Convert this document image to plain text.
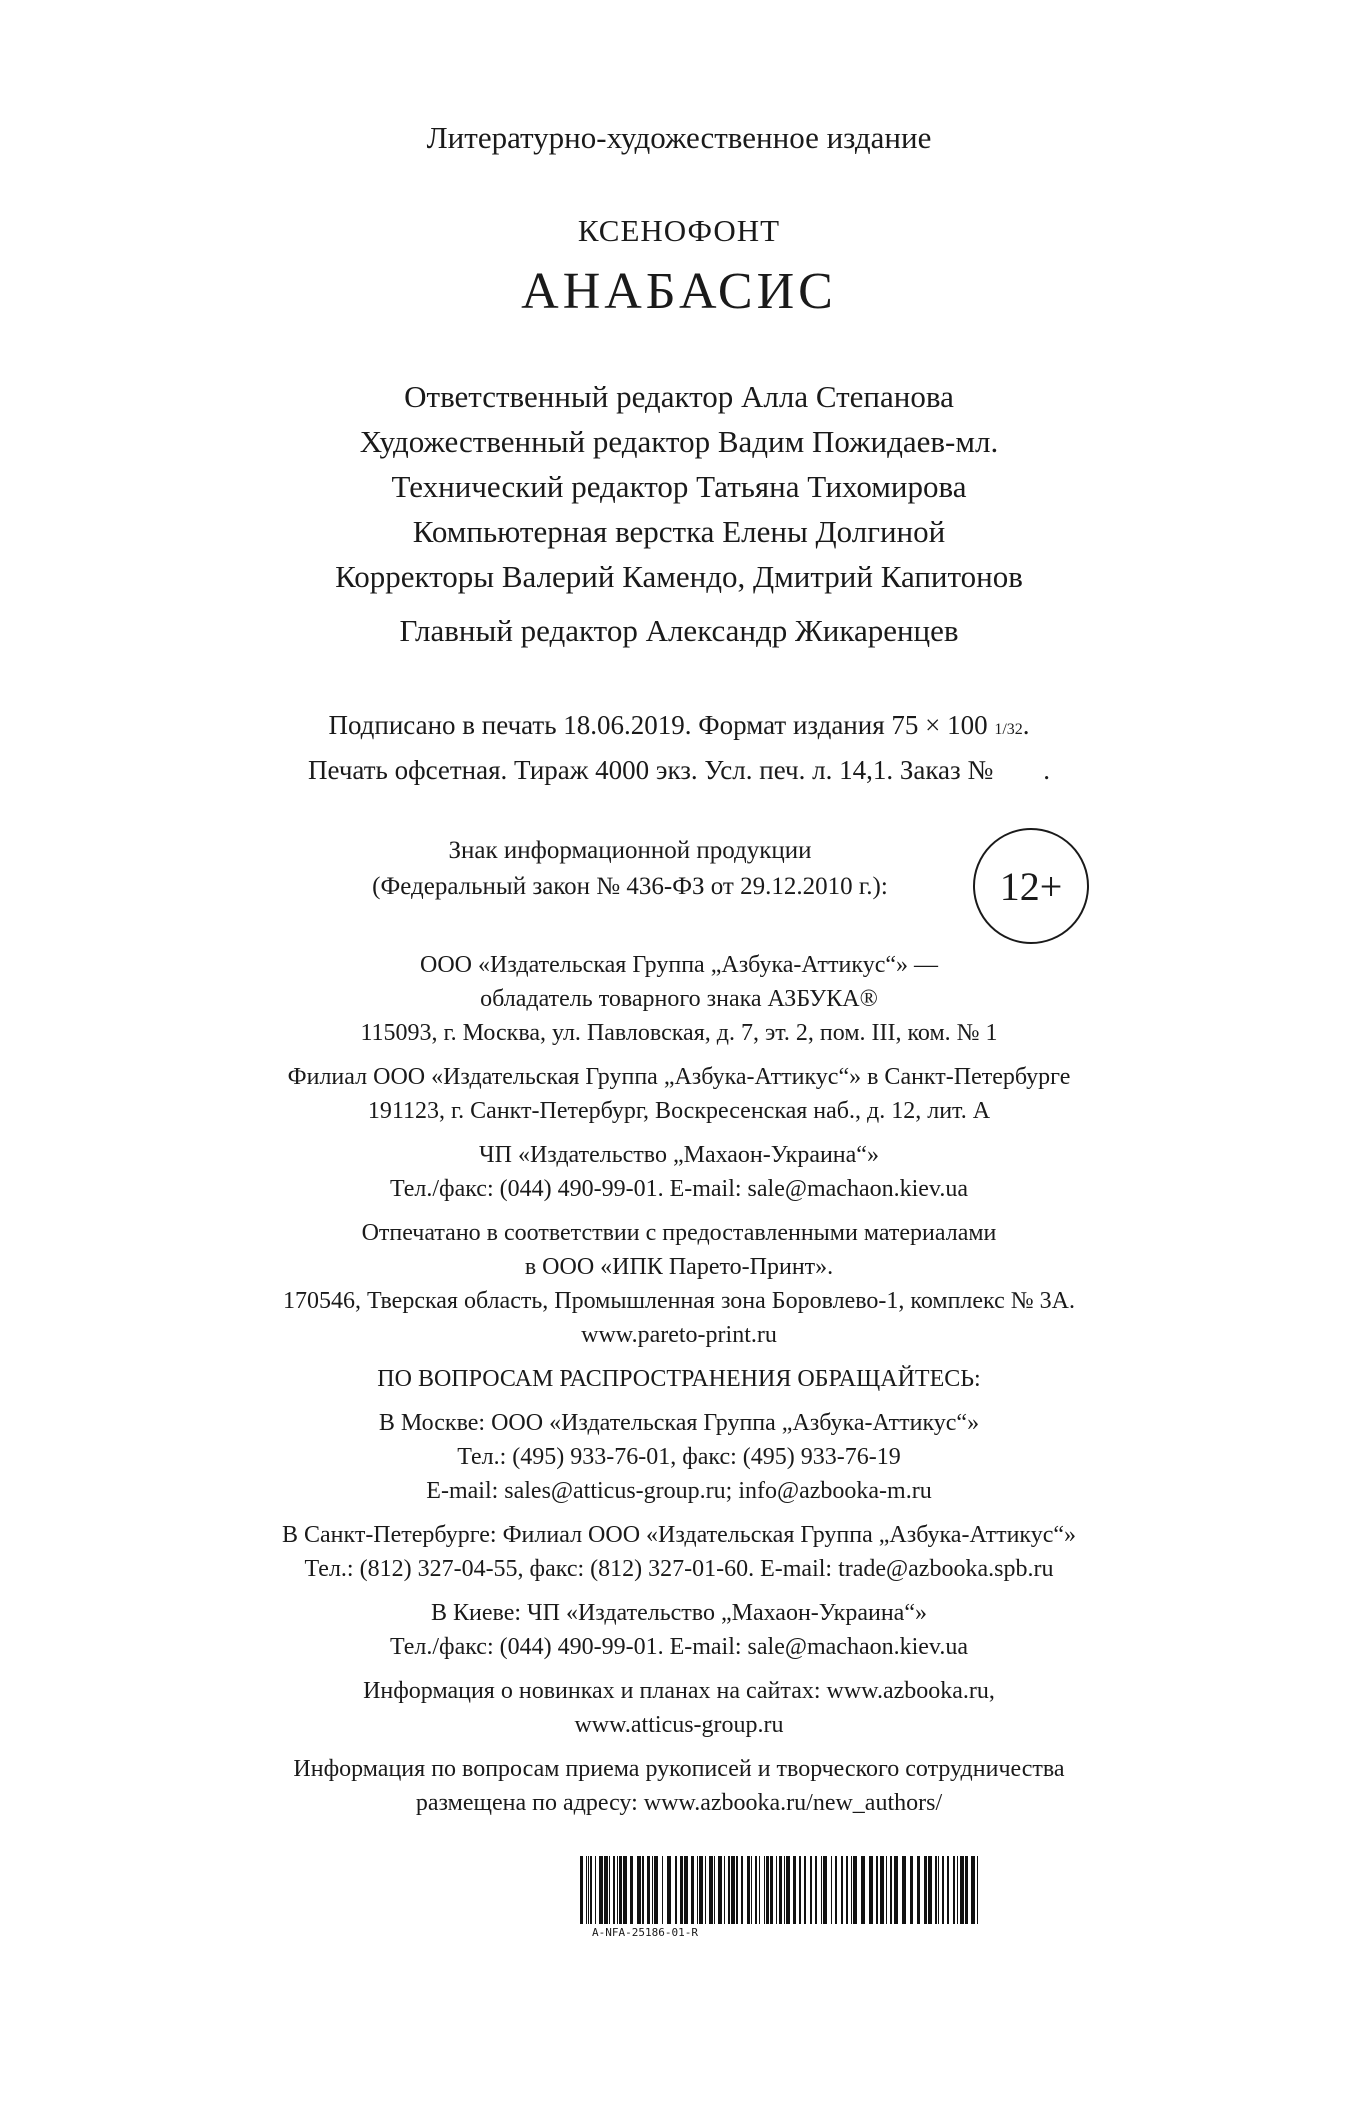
Литературно-художественное издание
КСЕНОФОНТ
АНАБАСИС
Ответственный редактор Алла Степанова
Художественный редактор Вадим Пожидаев-мл.
Технический редактор Татьяна Тихомирова
Компьютерная верстка Елены Долгиной
Корректоры Валерий Камендо, Дмитрий Капитонов
Главный редактор Александр Жикаренцев
Подписано в печать 18.06.2019. Формат издания 75 × 100 1/32.
Печать офсетная. Тираж 4000 экз. Усл. печ. л. 14,1. Заказ № .
Знак информационной продукции
(Федеральный закон № 436-ФЗ от 29.12.2010 г.):	12+
ООО «Издательская Группа „Азбука-Аттикус“» —
обладатель товарного знака АЗБУКА®
115093, г. Москва, ул. Павловская, д. 7, эт. 2, пом. III, ком. № 1
Филиал ООО «Издательская Группа „Азбука-Аттикус“» в Санкт-Петербурге
191123, г. Санкт-Петербург, Воскресенская наб., д. 12, лит. А
ЧП «Издательство „Махаон-Украина“»
Тел./факс: (044) 490-99-01. E-mail: sale@machaon.kiev.ua
Отпечатано в соответствии с предоставленными материалами
в ООО «ИПК Парето-Принт».
170546, Тверская область, Промышленная зона Боровлево-1, комплекс № 3А.
www.pareto-print.ru
ПО ВОПРОСАМ РАСПРОСТРАНЕНИЯ ОБРАЩАЙТЕСЬ:
В Москве: ООО «Издательская Группа „Азбука-Аттикус“»
Тел.: (495) 933-76-01, факс: (495) 933-76-19
E-mail: sales@atticus-group.ru; info@azbooka-m.ru
В Санкт-Петербурге: Филиал ООО «Издательская Группа „Азбука-Аттикус“»
Тел.: (812) 327-04-55, факс: (812) 327-01-60. E-mail: trade@azbooka.spb.ru
В Киеве: ЧП «Издательство „Махаон-Украина“»
Тел./факс: (044) 490-99-01. E-mail: sale@machaon.kiev.ua
Информация о новинках и планах на сайтах: www.azbooka.ru,
www.atticus-group.ru
Информация по вопросам приема рукописей и творческого сотрудничества
размещена по адресу: www.azbooka.ru/new_authors/
A-NFA-25186-01-R
